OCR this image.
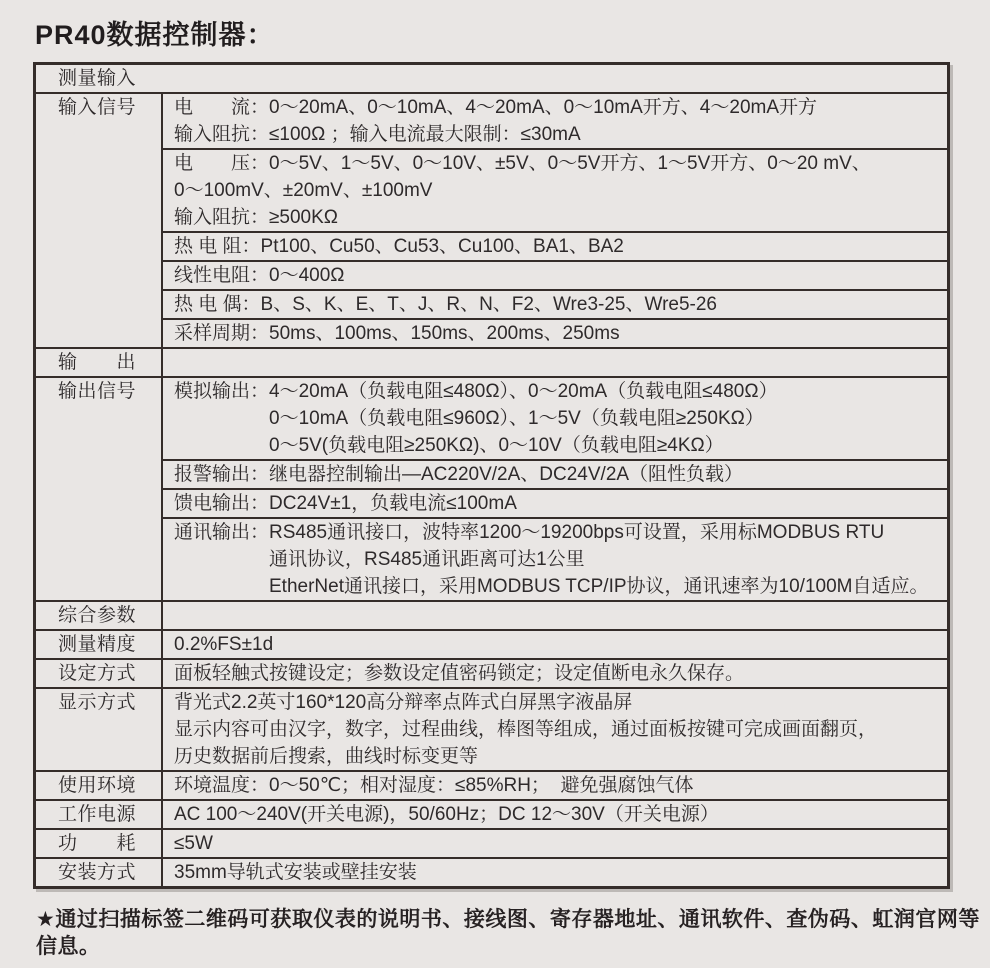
PR40数据控制器：
测量输入
输入信号	电　　流：0～20mA、0～10mA、4～20mA、0～10mA开方、4～20mA开方
输入阻抗：≤100Ω ；输入电流最大限制：≤30mA
电　　压：0～5V、1～5V、0～10V、±5V、0～5V开方、1～5V开方、0～20 mV、
0～100mV、±20mV、±100mV
输入阻抗：≥500KΩ
热 电 阻：Pt100、Cu50、Cu53、Cu100、BA1、BA2
线性电阻：0～400Ω
热 电 偶：B、S、K、E、T、J、R、N、F2、Wre3-25、Wre5-26
采样周期：50ms、100ms、150ms、200ms、250ms
输　　出
输出信号	模拟输出：4～20mA（负载电阻≤480Ω）、0～20mA（负载电阻≤480Ω）
　　　　　0～10mA（负载电阻≤960Ω）、1～5V（负载电阻≥250KΩ）
　　　　　0～5V(负载电阻≥250KΩ)、0～10V（负载电阻≥4KΩ）
报警输出：继电器控制输出—AC220V/2A、DC24V/2A（阻性负载）
馈电输出：DC24V±1，负载电流≤100mA
通讯输出：RS485通讯接口，波特率1200～19200bps可设置，采用标MODBUS RTU
　　　　　通讯协议，RS485通讯距离可达1公里
　　　　　EtherNet通讯接口，采用MODBUS TCP/IP协议，通讯速率为10/100M自适应。
综合参数
测量精度	0.2%FS±1d
设定方式	面板轻触式按键设定；参数设定值密码锁定；设定值断电永久保存。
显示方式	背光式2.2英寸160*120高分辩率点阵式白屏黑字液晶屏
显示内容可由汉字，数字，过程曲线，棒图等组成，通过面板按键可完成画面翻页，
历史数据前后搜索，曲线时标变更等
使用环境	环境温度：0～50℃；相对湿度：≤85%RH；  避免强腐蚀气体
工作电源	AC 100～240V(开关电源)，50/60Hz；DC 12～30V（开关电源）
功　　耗	≤5W
安装方式	35mm导轨式安装或壁挂安装
★通过扫描标签二维码可获取仪表的说明书、接线图、寄存器地址、通讯软件、查伪码、虹润官网等信息。
